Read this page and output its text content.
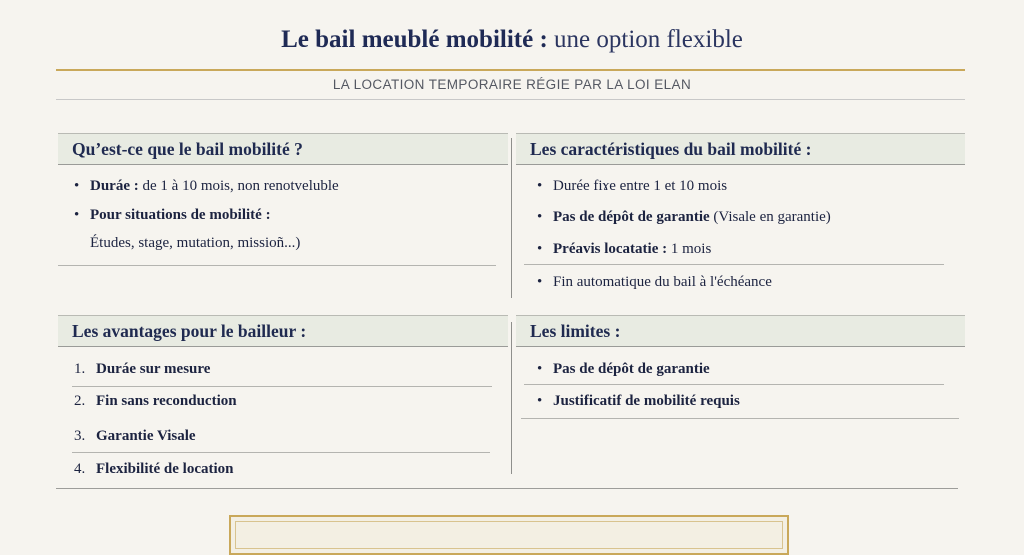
Le bail meublé mobilité : une option flexible
LA LOCATION TEMPORAIRE RÉGIE PAR LA LOI ELAN
Qu’est-ce que le bail mobilité ?
• Duráe : de 1 à 10 mois, non renotveluble
• Pour situations de mobilité :
Études, stage, mutation, missioñ...)
Les caractéristiques du bail mobilité :
• Durée fiɤe entre 1 et 10 mois
• Pas de dépôt de garantie (Visale en garantie)
• Préavis locatatie : 1 mois
• Fin automatique du bail à l'échéance
Les avantages pour le bailleur :
1. Duráe sur mesure
2. Fin sans reconduction
3. Garantie Visale
4. Flexibilité de location
Les limites :
• Pas de dépôt de garantie
• Justificatif de mobilité requis
